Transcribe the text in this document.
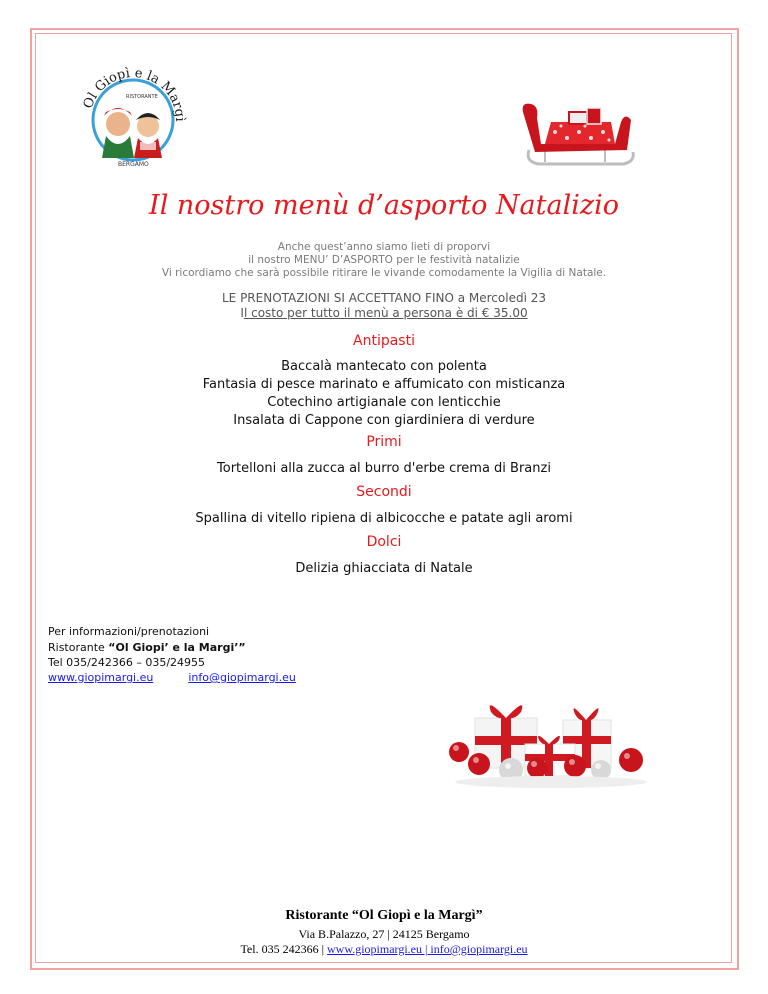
Ol Giopì e la Margì
RISTORANTE
BERGAMO
Il nostro menù d’asporto Natalizio
Anche quest’anno siamo lieti di proporvi
il nostro MENU’ D’ASPORTO per le festività natalizie
Vi ricordiamo che sarà possibile ritirare le vivande comodamente la Vigilia di Natale.
LE PRENOTAZIONI SI ACCETTANO FINO a Mercoledì 23
Il costo per tutto il menù a persona è di € 35.00
Antipasti
Baccalà mantecato con polenta
Fantasia di pesce marinato e affumicato con misticanza
Cotechino artigianale con lenticchie
Insalata di Cappone con giardiniera di verdure
Primi
Tortelloni alla zucca al burro d'erbe crema di Branzi
Secondi
Spallina di vitello ripiena di albicocche e patate agli aromi
Dolci
Delizia ghiacciata di Natale
Per informazioni/prenotazioni
Ristorante “Ol Giopi’ e la Margi’”
Tel 035/242366 – 035/24955
www.giopimargi.eu	info@giopimargi.eu
Ristorante “Ol Giopì e la Margì”
Via B.Palazzo, 27 | 24125 Bergamo
Tel. 035 242366 | www.giopimargi.eu | info@giopimargi.eu
